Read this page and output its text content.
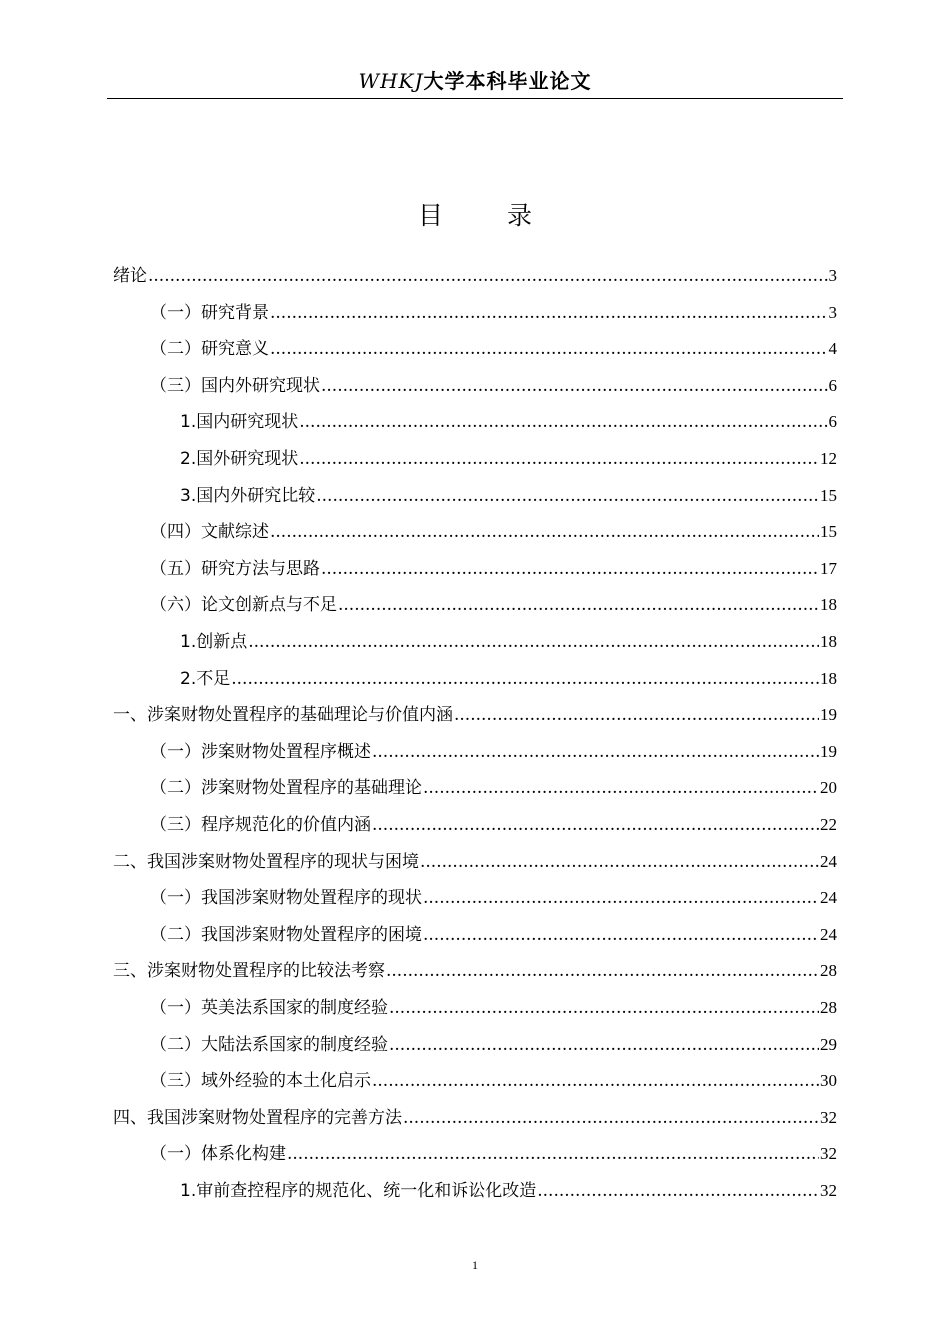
WHKJ大学本科毕业论文
目 录
绪论 .....	3
（一）研究背景 .....	3
（二）研究意义 .....	4
（三）国内外研究现状 .....	6
1.国内研究现状 .....	6
2.国外研究现状 .....	12
3.国内外研究比较 .....	15
（四）文献综述 .....	15
（五）研究方法与思路 .....	17
（六）论文创新点与不足 .....	18
1.创新点 .....	18
2.不足 .....	18
一、涉案财物处置程序的基础理论与价值内涵 .....	19
（一）涉案财物处置程序概述 .....	19
（二）涉案财物处置程序的基础理论 .....	20
（三）程序规范化的价值内涵 .....	22
二、我国涉案财物处置程序的现状与困境 .....	24
（一）我国涉案财物处置程序的现状 .....	24
（二）我国涉案财物处置程序的困境 .....	24
三、涉案财物处置程序的比较法考察 .....	28
（一）英美法系国家的制度经验 .....	28
（二）大陆法系国家的制度经验 .....	29
（三）域外经验的本土化启示 .....	30
四、我国涉案财物处置程序的完善方法 .....	32
（一）体系化构建 .....	32
1.审前查控程序的规范化、统一化和诉讼化改造 .....	32
1
